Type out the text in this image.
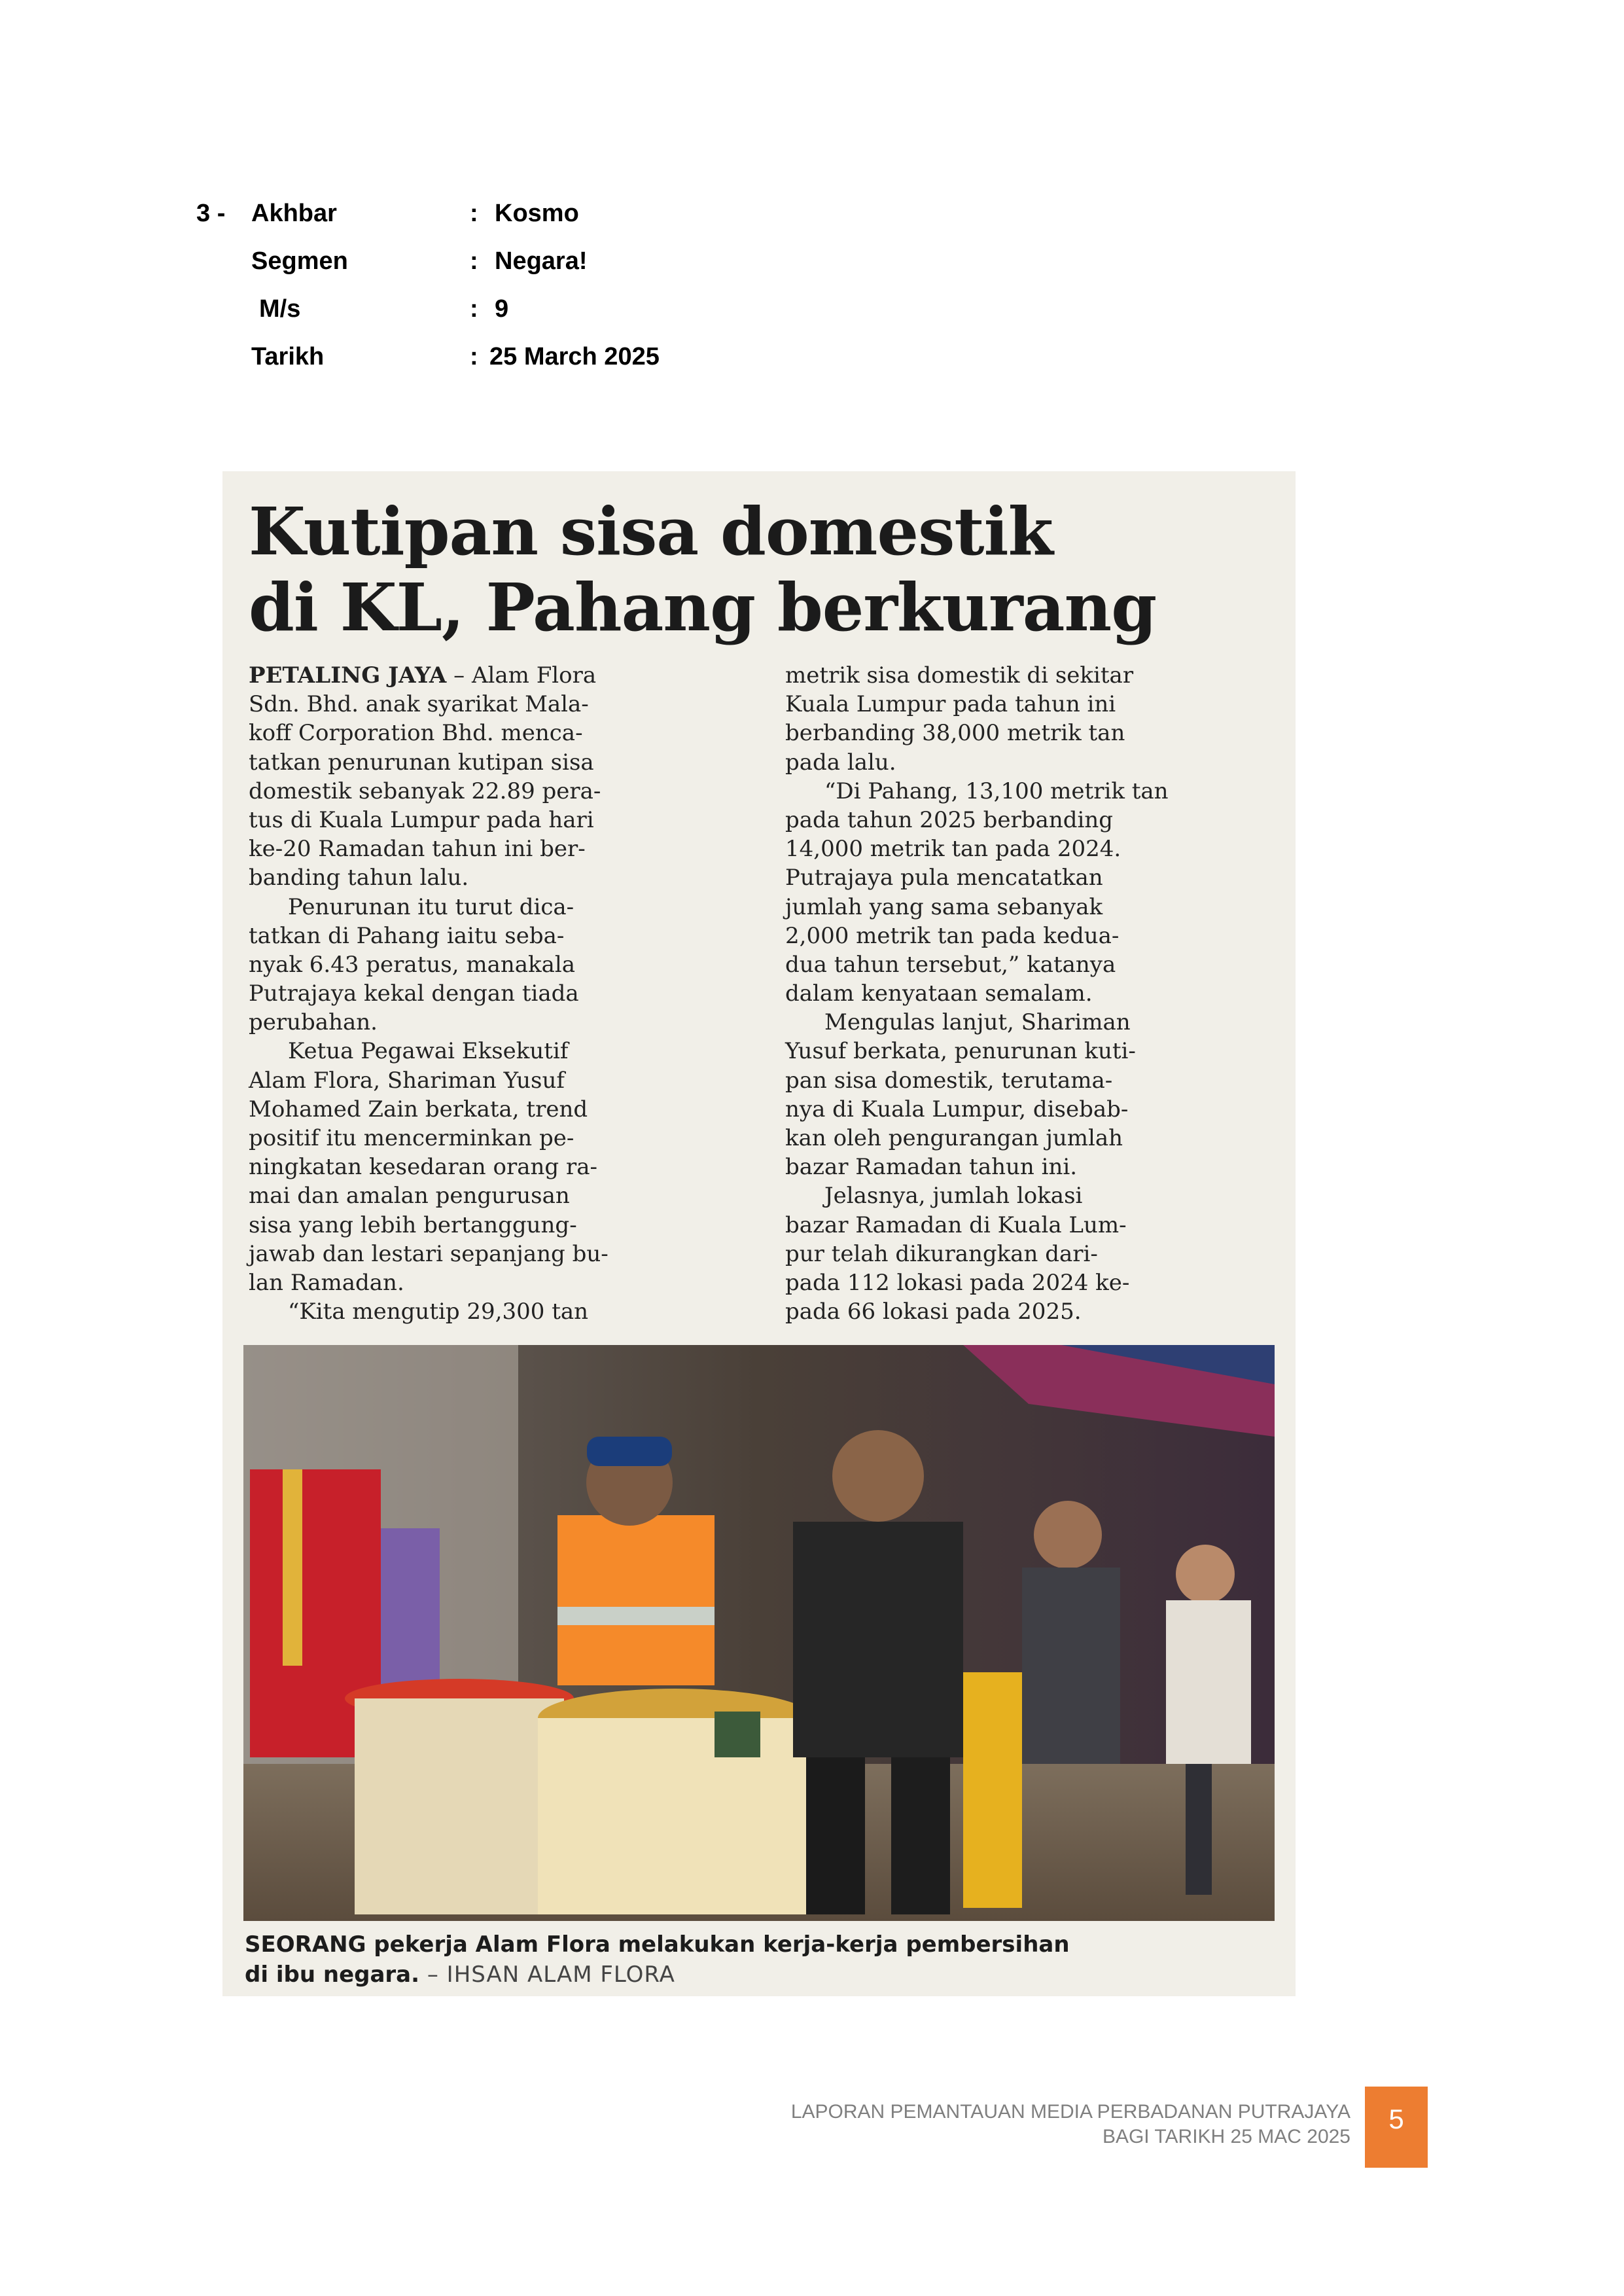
3 -	Akhbar	: Kosmo
Segmen	: Negara!
M/s	: 9
Tarikh	: 25 March 2025
Kutipan sisa domestik
di KL, Pahang berkurang
PETALING JAYA – Alam Flora
Sdn. Bhd. anak syarikat Mala-
koff Corporation Bhd. menca-
tatkan penurunan kutipan sisa
domestik sebanyak 22.89 pera-
tus di Kuala Lumpur pada hari
ke-20 Ramadan tahun ini ber-
banding tahun lalu.
Penurunan itu turut dica-
tatkan di Pahang iaitu seba-
nyak 6.43 peratus, manakala
Putrajaya kekal dengan tiada
perubahan.
Ketua Pegawai Eksekutif
Alam Flora, Shariman Yusuf
Mohamed Zain berkata, trend
positif itu mencerminkan pe-
ningkatan kesedaran orang ra-
mai dan amalan pengurusan
sisa yang lebih bertanggung-
jawab dan lestari sepanjang bu-
lan Ramadan.
“Kita mengutip 29,300 tan
metrik sisa domestik di sekitar
Kuala Lumpur pada tahun ini
berbanding 38,000 metrik tan
pada lalu.
“Di Pahang, 13,100 metrik tan
pada tahun 2025 berbanding
14,000 metrik tan pada 2024.
Putrajaya pula mencatatkan
jumlah yang sama sebanyak
2,000 metrik tan pada kedua-
dua tahun tersebut,” katanya
dalam kenyataan semalam.
Mengulas lanjut, Shariman
Yusuf berkata, penurunan kuti-
pan sisa domestik, terutama-
nya di Kuala Lumpur, disebab-
kan oleh pengurangan jumlah
bazar Ramadan tahun ini.
Jelasnya, jumlah lokasi
bazar Ramadan di Kuala Lum-
pur telah dikurangkan dari-
pada 112 lokasi pada 2024 ke-
pada 66 lokasi pada 2025.
SEORANG pekerja Alam Flora melakukan kerja-kerja pembersihan
di ibu negara. – IHSAN ALAM FLORA
LAPORAN PEMANTAUAN MEDIA PERBADANAN PUTRAJAYA
BAGI TARIKH 25 MAC 2025
5
